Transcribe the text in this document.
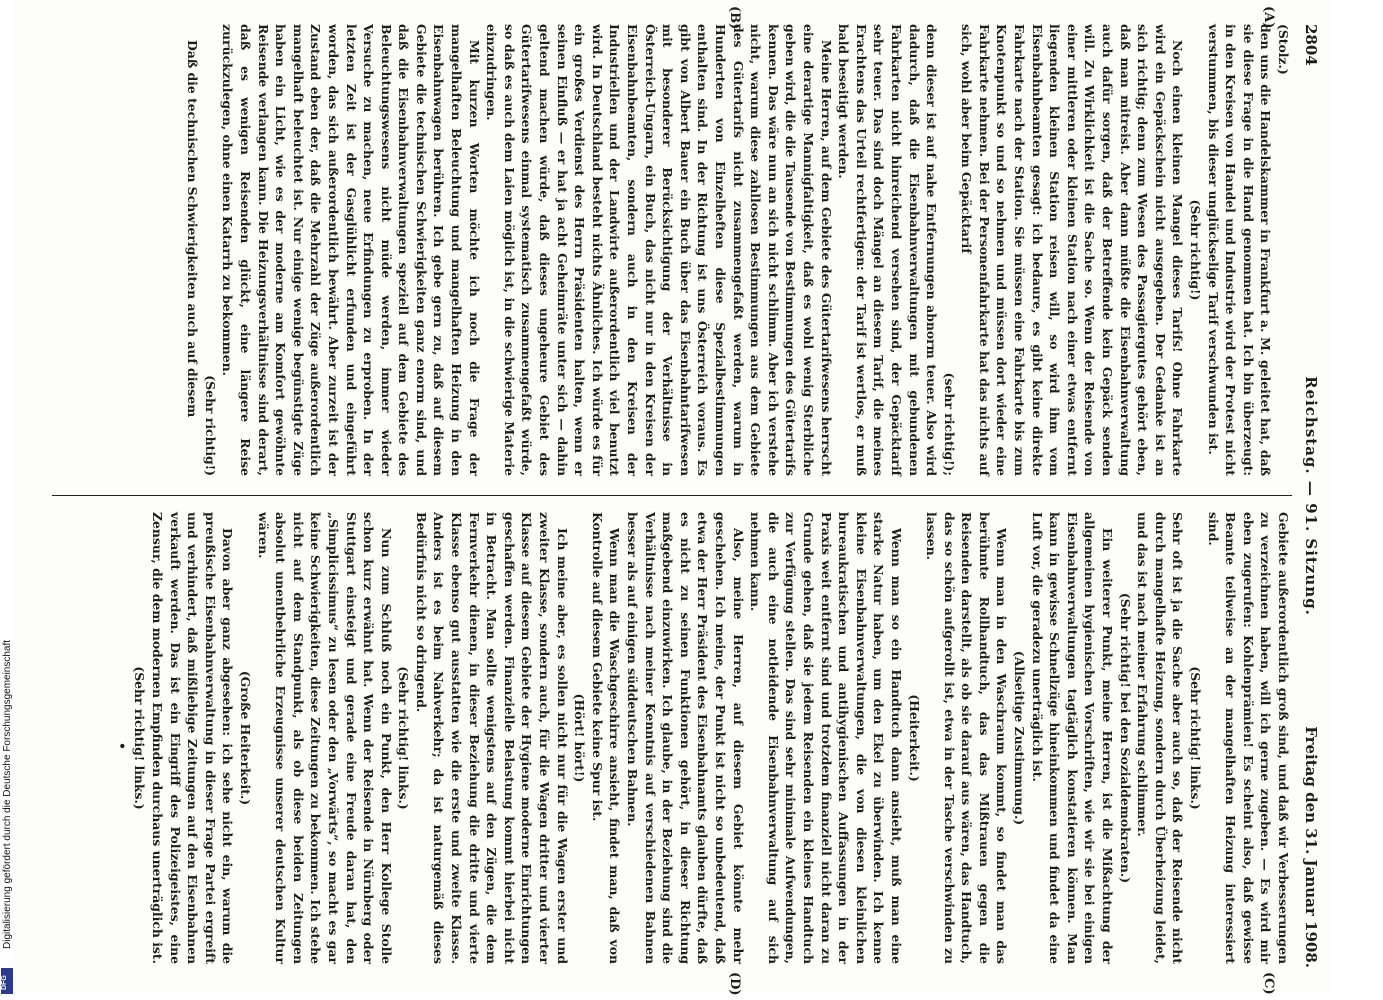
2804
Reichstag. — 91. Sitzung.
Freitag den 31. Januar 1908.
(A)
(B)
(C)
(D)

(Stolz.)

den uns die Handelskammer in Frankfurt a. M. geleitet hat, daß sie diese Frage in die Hand genommen hat. Ich bin überzeugt: in den Kreisen von Handel und Industrie wird der Protest nicht verstummen, bis dieser unglückselige Tarif verschwunden ist.

(Sehr richtig!)

Noch einen kleinen Mangel dieses Tarifs! Ohne Fahrkarte wird ein Gepäckschein nicht ausgegeben. Der Gedanke ist an sich richtig; denn zum Wesen des Passagiergutes gehört eben, daß man mitreist. Aber dann müßte die Eisenbahnverwaltung auch dafür sorgen, daß der Betreffende kein Gepäck senden will. Zu Wirklichkeit ist die Sache so. Wenn der Reisende von einer mittleren oder kleinen Station nach einer etwas entfernt liegenden kleinen Station reisen will, so wird ihm vom Eisenbahnbeamten gesagt: ich bedaure, es gibt keine direkte Fahrkarte nach der Station. Sie müssen eine Fahrkarte bis zum Knotenpunkt so und so nehmen und müssen dort wieder eine Fahrkarte nehmen. Bei der Personenfahrkarte hat das nichts auf sich, wohl aber beim Gepäcktarif

(sehr richtig!);

denn dieser ist auf nahe Entfernungen abnorm teuer. Also wird dadurch, daß die Eisenbahnverwaltungen mit gebundenen Fahrkarten nicht hinreichend versehen sind, der Gepäcktarif sehr teuer. Das sind doch Mängel an diesem Tarif, die meines Erachtens das Urteil rechtfertigen: der Tarif ist wertlos, er muß bald beseitigt werden.

Meine Herren, auf dem Gebiete des Gütertarifwesens herrscht eine derartige Mannigfaltigkeit, daß es wohl wenig Sterbliche geben wird, die die Tausende von Bestimmungen des Gütertarifs kennen. Das wäre nun an sich nicht schlimm. Aber ich verstehe nicht, warum diese zahllosen Bestimmungen aus dem Gebiete des Gütertarifs nicht zusammengefaßt werden, warum in Hunderten von Einzelheften diese Spezialbestimmungen enthalten sind. In der Richtung ist uns Österreich voraus. Es gibt von Albert Bauer ein Buch über das Eisenbahntarifwesen mit besonderer Berücksichtigung der Verhältnisse in Österreich-Ungarn, ein Buch, das nicht nur in den Kreisen der Eisenbahnbeamten, sondern auch in den Kreisen der Industriellen und der Landwirte außerordentlich viel benutzt wird. In Deutschland besteht nichts Ähnliches. Ich würde es für ein großes Verdienst des Herrn Präsidenten halten, wenn er seinen Einfluß — er hat ja acht Geheimräte unter sich — dahin geltend machen würde, daß dieses ungeheure Gebiet des Gütertarifwesens einmal systematisch zusammengefaßt würde, so daß es auch dem Laien möglich ist, in die schwierige Materie einzudringen.

Mit kurzen Worten möchte ich noch die Frage der mangelhaften Beleuchtung und mangelhaften Heizung in den Eisenbahnwagen berühren. Ich gebe gern zu, daß auf diesem Gebiete die technischen Schwierigkeiten ganz enorm sind, und daß die Eisenbahnverwaltungen speziell auf dem Gebiete des Beleuchtungswesens nicht müde werden, immer wieder Versuche zu machen, neue Erfindungen zu erproben. In der letzten Zeit ist der Gasglühlicht erfunden und eingeführt worden, das sich außerordentlich bewährt. Aber zurzeit ist der Zustand eben der, daß die Mehrzahl der Züge außerordentlich mangelhaft beleuchtet ist. Nur einige wenige begünstigte Züge haben ein Licht, wie es der moderne am Komfort gewöhnte Reisende verlangen kann. Die Heizungsverhältnisse sind derart, daß es wenigen Reisenden glückt, eine längere Reise zurückzulegen, ohne einen Katarrh zu bekommen.

(Sehr richtig!)

Daß die technischen Schwierigkeiten auch auf diesem

Gebiete außerordentlich groß sind, und daß wir Verbesserungen zu verzeichnen haben, will ich gerne zugeben. — Es wird mir eben zugerufen: Kohlenprämien! Es scheint also, daß gewisse Beamte teilweise an der mangelhaften Heizung interessiert sind.

(Sehr richtig! links.)

Sehr oft ist ja die Sache aber auch so, daß der Reisende nicht durch mangelhafte Heizung, sondern durch Überheizung leidet, und das ist nach meiner Erfahrung schlimmer.

(Sehr richtig! bei den Sozialdemokraten.)

Ein weiterer Punkt, meine Herren, ist die Mißachtung der allgemeinen hygienischen Vorschriften, wie wir sie bei einigen Eisenbahnverwaltungen tagtäglich konstatieren können. Man kann in gewisse Schnellzüge hineinkommen und findet da eine Luft vor, die geradezu unerträglich ist.

(Allseitige Zustimmung.)

Wenn man in den Waschraum kommt, so findet man das berühmte Rollhandtuch, das das Mißtrauen gegen die Reisenden darstellt, als ob sie darauf aus wären, das Handtuch, das so schön aufgerollt ist, etwa in der Tasche verschwinden zu lassen.

(Heiterkeit.)

Wenn man so ein Handtuch dann ansieht, muß man eine starke Natur haben, um den Ekel zu überwinden. Ich kenne kleine Eisenbahnverwaltungen, die von diesen kleinlichen bureaukratischen und antihygienischen Auffassungen in der Praxis weit entfernt sind und trotzdem finanziell nicht daran zu Grunde gehen, daß sie jedem Reisenden ein kleines Handtuch zur Verfügung stellen. Das sind sehr minimale Aufwendungen, die auch eine notleidende Eisenbahnverwaltung auf sich nehmen kann.

Also, meine Herren, auf diesem Gebiet könnte mehr geschehen. Ich meine, der Punkt ist nicht so unbedeutend, daß etwa der Herr Präsident des Eisenbahnamts glauben dürfte, daß es nicht zu seinen Funktionen gehört, in dieser Richtung maßgebend einzuwirken. Ich glaube, in der Beziehung sind die Verhältnisse nach meiner Kenntnis auf verschiedenen Bahnen besser als auf einigen süddeutschen Bahnen.

Wenn man die Waschgeschirre ansieht, findet man, daß von Kontrolle auf diesem Gebiete keine Spur ist.

(Hört! hört!)

Ich meine aber, es sollen nicht nur für die Wagen erster und zweiter Klasse, sondern auch, für die Wagen dritter und vierter Klasse auf diesem Gebiete der Hygiene moderne Einrichtungen geschaffen werden. Finanzielle Belastung kommt hierbei nicht in Betracht. Man sollte wenigstens auf den Zügen, die dem Fernverkehr dienen, in dieser Beziehung die dritte und vierte Klasse ebenso gut ausstatten wie die erste und zweite Klasse. Anders ist es beim Nahverkehr; da ist naturgemäß dieses Bedürfnis nicht so dringend.

(Sehr richtig! links.)

Nun zum Schluß noch ein Punkt, den Herr Kollege Stolle schon kurz erwähnt hat. Wenn der Reisende in Nürnberg oder Stuttgart einsteigt und gerade eine Freude daran hat, den „Simplicissimus“ zu lesen oder den „Vorwärts“, so macht es gar keine Schwierigkeiten, diese Zeitungen zu bekommen. Ich stehe nicht auf dem Standpunkt, als ob diese beiden Zeitungen absolut unentbehrliche Erzeugnisse unserer deutschen Kultur wären.

(Große Heiterkeit.)

Davon aber ganz abgesehen: ich sehe nicht ein, warum die preußische Eisenbahnverwaltung in dieser Frage Partei ergreift und verhindert, daß mißliebige Zeitungen auf den Eisenbahnen verkauft werden. Das ist ein Eingriff des Polizeigeistes, eine Zensur, die dem modernen Empfinden durchaus unerträglich ist.

(Sehr richtig! links.)

•

Digitalisierung gefördert durch die Deutsche Forschungsgemeinschaft
DFG
